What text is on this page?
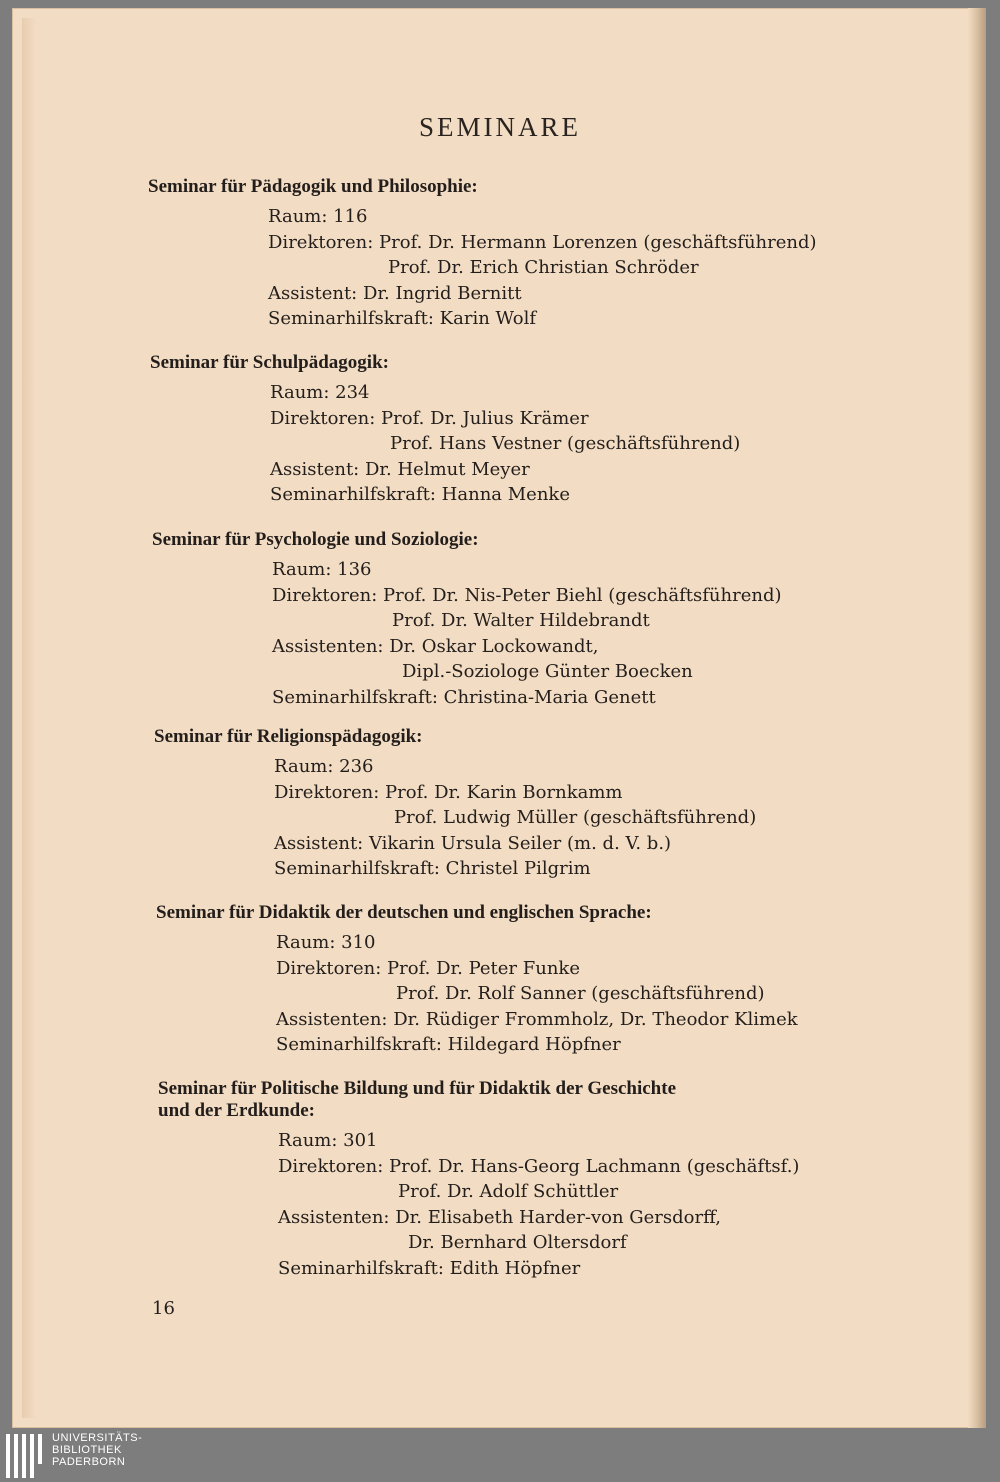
SEMINARE
Seminar für Pädagogik und Philosophie:
Raum: 116
Direktoren: Prof. Dr. Hermann Lorenzen (geschäftsführend)
Prof. Dr. Erich Christian Schröder
Assistent: Dr. Ingrid Bernitt
Seminarhilfskraft: Karin Wolf
Seminar für Schulpädagogik:
Raum: 234
Direktoren: Prof. Dr. Julius Krämer
Prof. Hans Vestner (geschäftsführend)
Assistent: Dr. Helmut Meyer
Seminarhilfskraft: Hanna Menke
Seminar für Psychologie und Soziologie:
Raum: 136
Direktoren: Prof. Dr. Nis-Peter Biehl (geschäftsführend)
Prof. Dr. Walter Hildebrandt
Assistenten: Dr. Oskar Lockowandt,
Dipl.-Soziologe Günter Boecken
Seminarhilfskraft: Christina-Maria Genett
Seminar für Religionspädagogik:
Raum: 236
Direktoren: Prof. Dr. Karin Bornkamm
Prof. Ludwig Müller (geschäftsführend)
Assistent: Vikarin Ursula Seiler (m. d. V. b.)
Seminarhilfskraft: Christel Pilgrim
Seminar für Didaktik der deutschen und englischen Sprache:
Raum: 310
Direktoren: Prof. Dr. Peter Funke
Prof. Dr. Rolf Sanner (geschäftsführend)
Assistenten: Dr. Rüdiger Frommholz, Dr. Theodor Klimek
Seminarhilfskraft: Hildegard Höpfner
Seminar für Politische Bildung und für Didaktik der Geschichte
und der Erdkunde:
Raum: 301
Direktoren: Prof. Dr. Hans-Georg Lachmann (geschäftsf.)
Prof. Dr. Adolf Schüttler
Assistenten: Dr. Elisabeth Harder-von Gersdorff,
Dr. Bernhard Oltersdorf
Seminarhilfskraft: Edith Höpfner
16
UNIVERSITÄTS-
BIBLIOTHEK
PADERBORN
